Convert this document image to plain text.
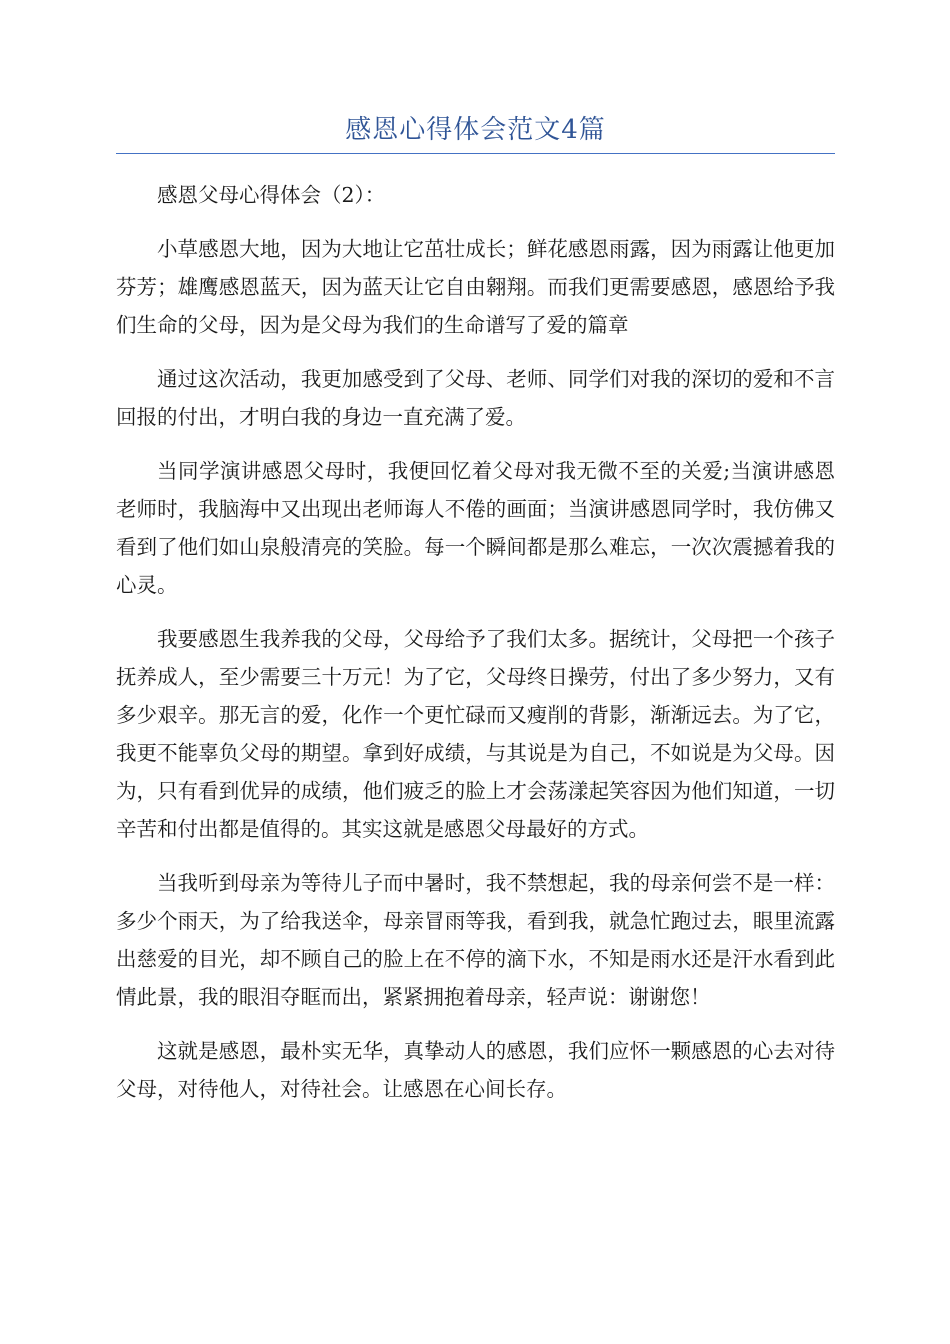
感恩心得体会范文4篇

感恩父母心得体会（2）：

小草感恩大地，因为大地让它茁壮成长；鲜花感恩雨露，因为雨露让他更加芬芳；雄鹰感恩蓝天，因为蓝天让它自由翱翔。而我们更需要感恩，感恩给予我们生命的父母，因为是父母为我们的生命谱写了爱的篇章

通过这次活动，我更加感受到了父母、老师、同学们对我的深切的爱和不言回报的付出，才明白我的身边一直充满了爱。

当同学演讲感恩父母时，我便回忆着父母对我无微不至的关爱;当演讲感恩老师时，我脑海中又出现出老师诲人不倦的画面；当演讲感恩同学时，我仿佛又看到了他们如山泉般清亮的笑脸。每一个瞬间都是那么难忘，一次次震撼着我的心灵。

我要感恩生我养我的父母，父母给予了我们太多。据统计，父母把一个孩子抚养成人，至少需要三十万元！为了它，父母终日操劳，付出了多少努力，又有多少艰辛。那无言的爱，化作一个更忙碌而又瘦削的背影，渐渐远去。为了它，我更不能辜负父母的期望。拿到好成绩，与其说是为自己，不如说是为父母。因为，只有看到优异的成绩，他们疲乏的脸上才会荡漾起笑容因为他们知道，一切辛苦和付出都是值得的。其实这就是感恩父母最好的方式。

当我听到母亲为等待儿子而中暑时，我不禁想起，我的母亲何尝不是一样：多少个雨天，为了给我送伞，母亲冒雨等我，看到我，就急忙跑过去，眼里流露出慈爱的目光，却不顾自己的脸上在不停的滴下水，不知是雨水还是汗水看到此情此景，我的眼泪夺眶而出，紧紧拥抱着母亲，轻声说：谢谢您！

这就是感恩，最朴实无华，真挚动人的感恩，我们应怀一颗感恩的心去对待父母，对待他人，对待社会。让感恩在心间长存。
